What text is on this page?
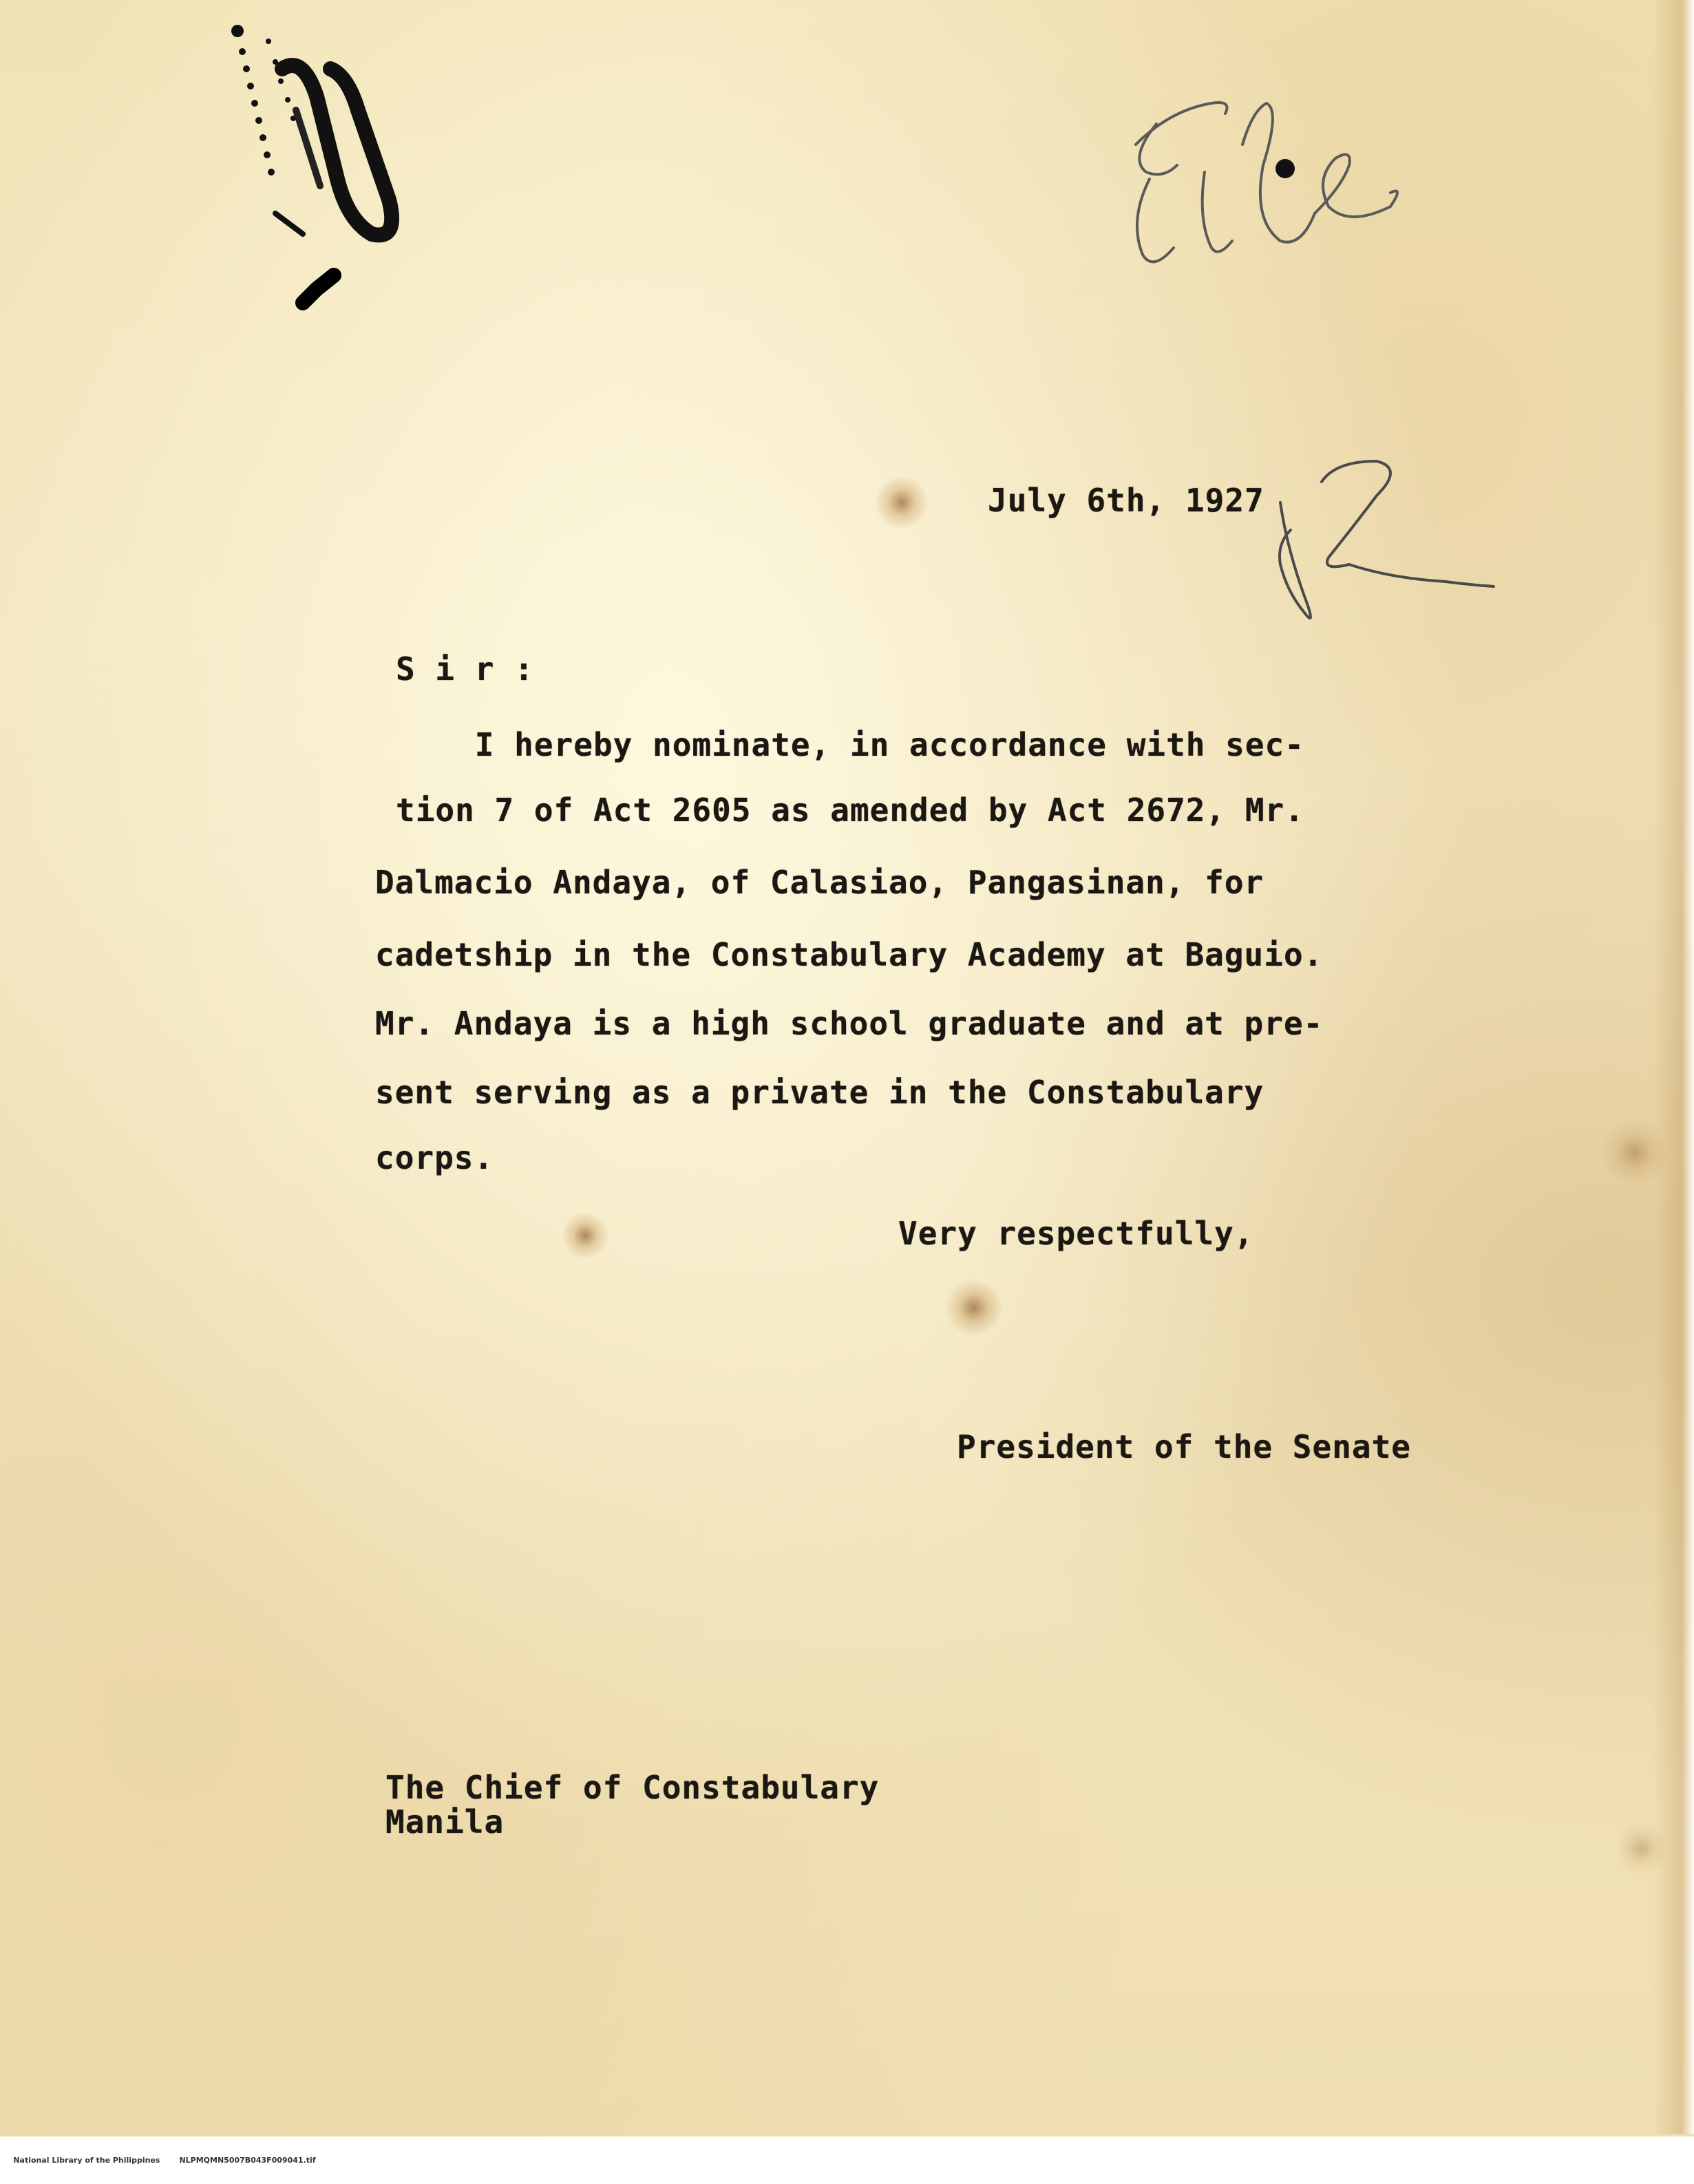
July 6th, 1927
S i r :
I hereby nominate, in accordance with sec-
tion 7 of Act 2605 as amended by Act 2672, Mr.
Dalmacio Andaya, of Calasiao, Pangasinan, for
cadetship in the Constabulary Academy at Baguio.
Mr. Andaya is a high school graduate and at pre-
sent serving as a private in the Constabulary
corps.
Very respectfully,
President of the Senate
The Chief of Constabulary
Manila

National Library of the Philippines	NLPMQMN5007B043F009041.tif
